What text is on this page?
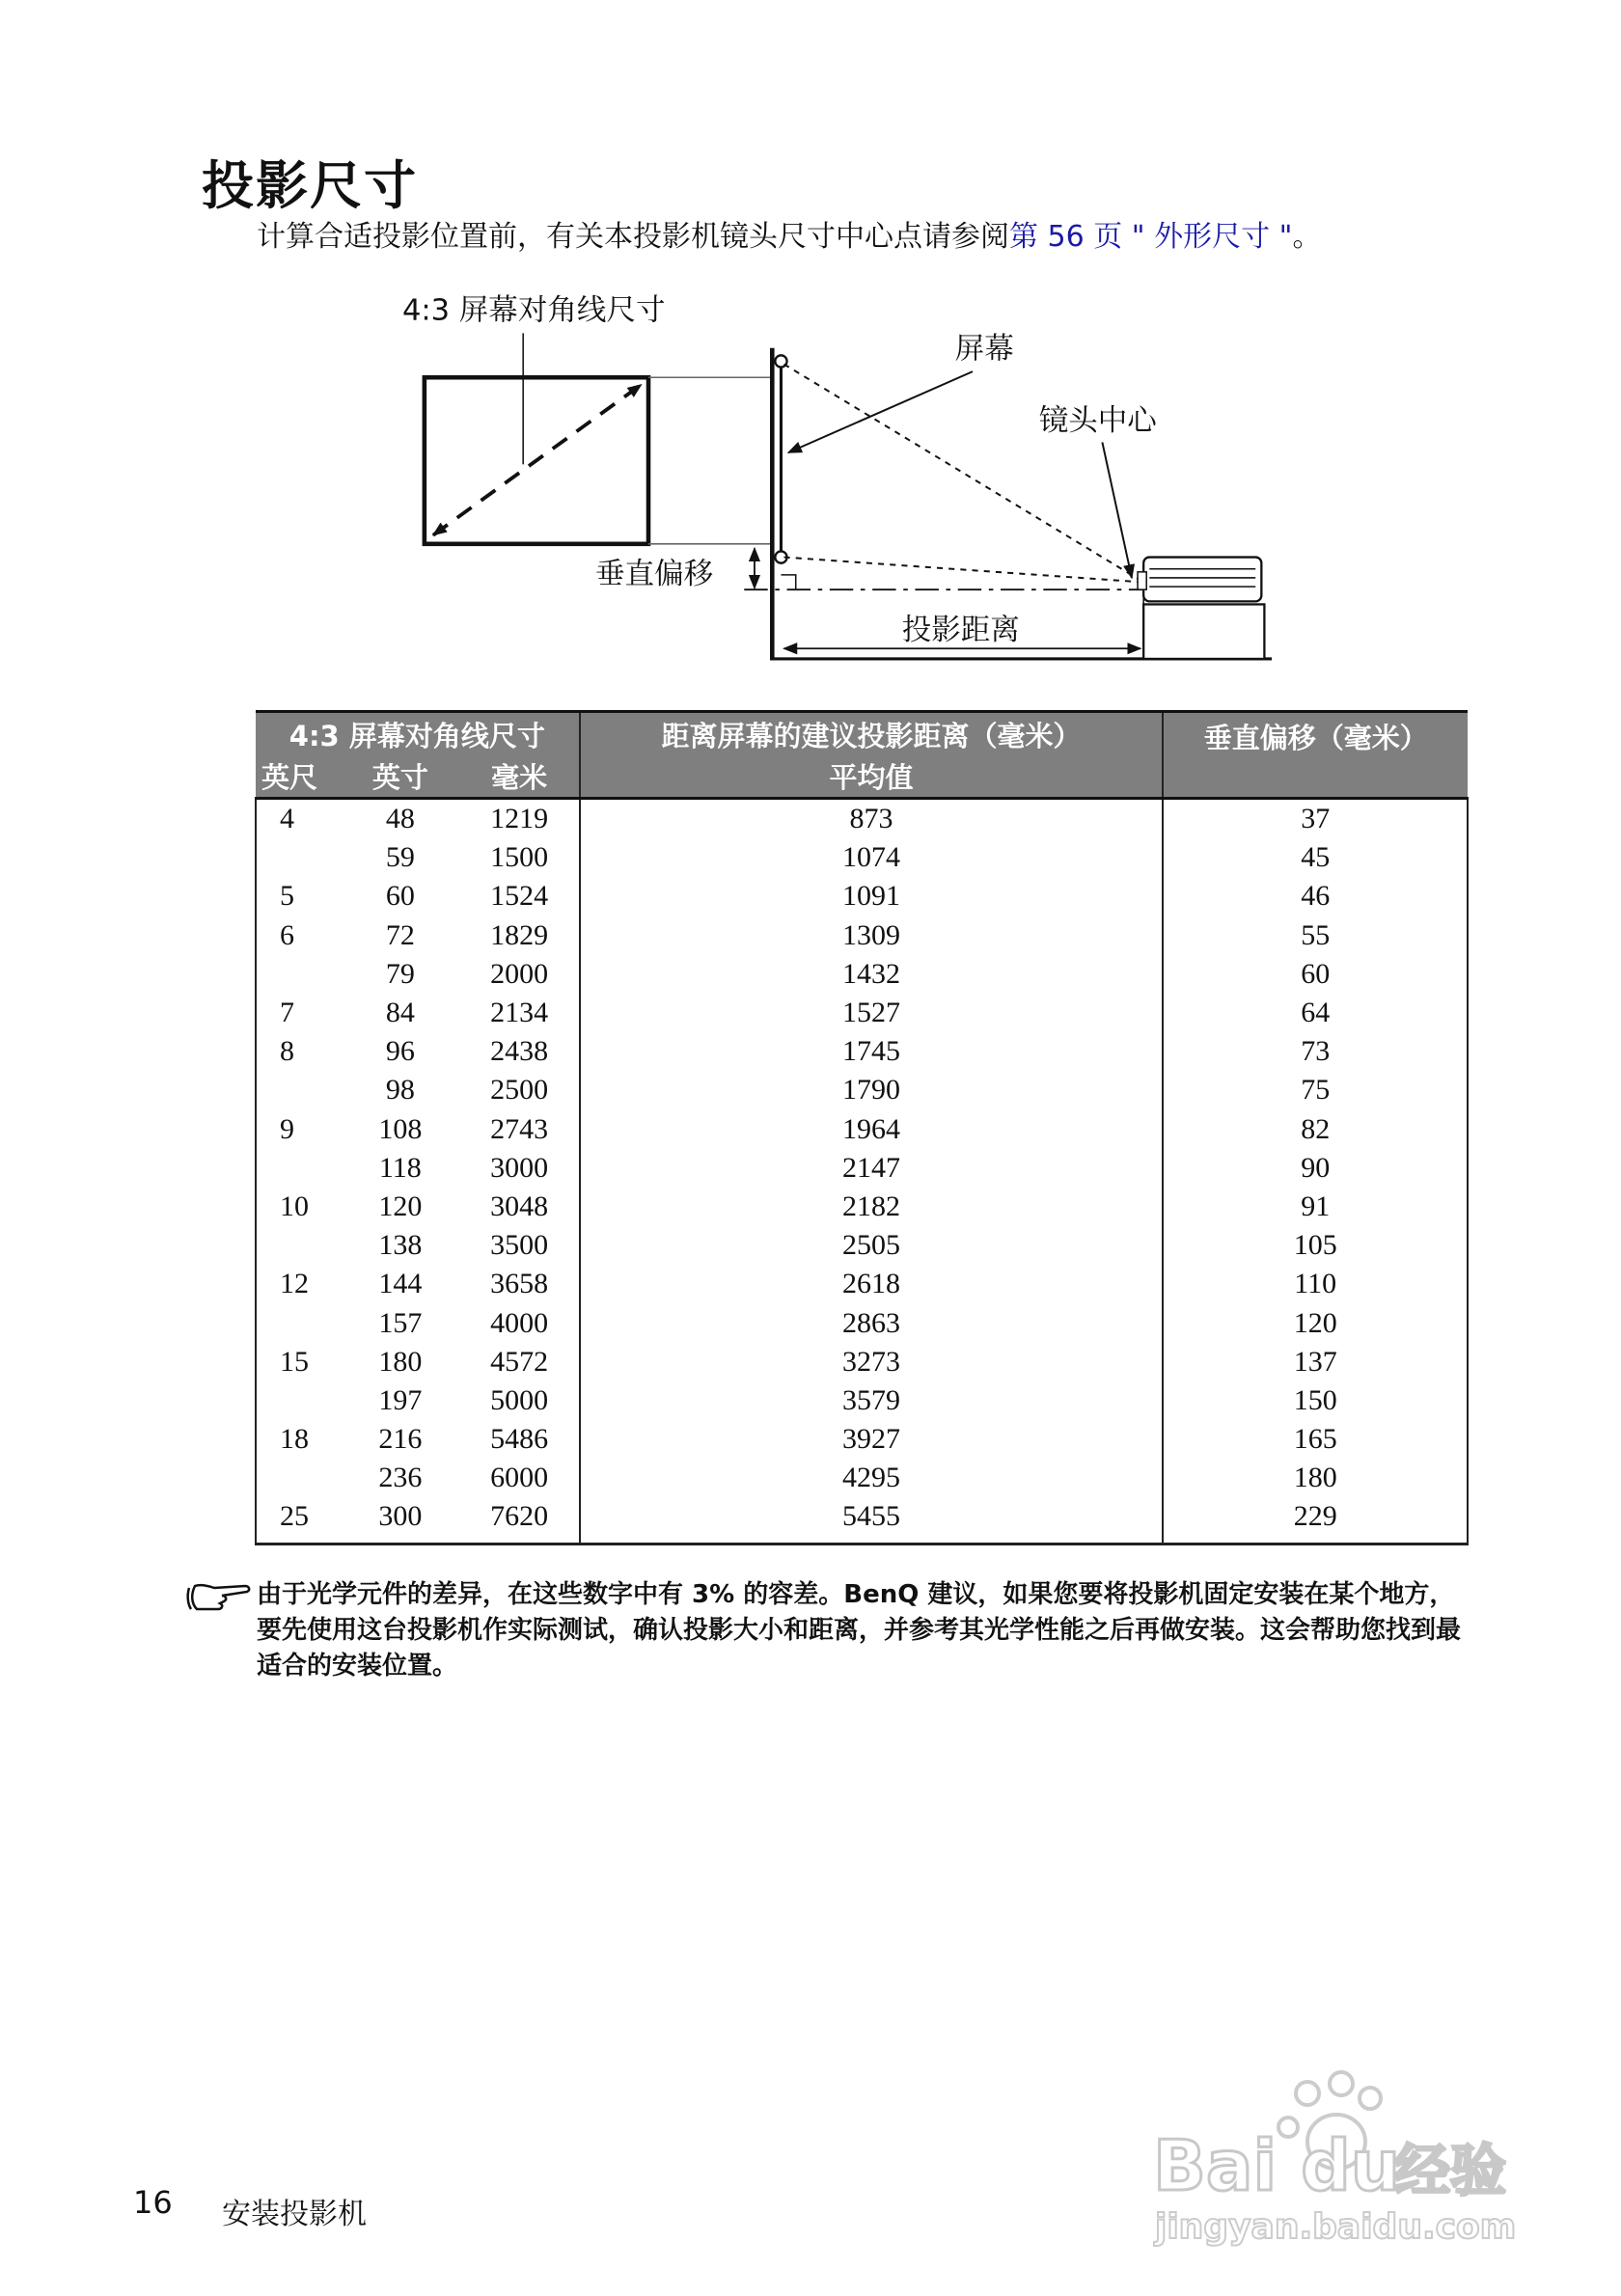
投影尺寸
计算合适投影位置前，有关本投影机镜头尺寸中心点请参阅第 56 页 " 外形尺寸 "。
4:3 屏幕对角线尺寸
垂直偏移
屏幕
镜头中心
投影距离
4:3 屏幕对角线尺寸			距离屏幕的建议投影距离（毫米）	垂直偏移（毫米）
英尺	英寸	毫米	平均值	
4	48	1219	873	37
	59	1500	1074	45
5	60	1524	1091	46
6	72	1829	1309	55
	79	2000	1432	60
7	84	2134	1527	64
8	96	2438	1745	73
	98	2500	1790	75
9	108	2743	1964	82
	118	3000	2147	90
10	120	3048	2182	91
	138	3500	2505	105
12	144	3658	2618	110
	157	4000	2863	120
15	180	4572	3273	137
	197	5000	3579	150
18	216	5486	3927	165
	236	6000	4295	180
25	300	7620	5455	229
由于光学元件的差异，在这些数字中有 3% 的容差。BenQ 建议，如果您要将投影机固定安装在某个地方，要先使用这台投影机作实际测试，确认投影大小和距离，并参考其光学性能之后再做安装。这会帮助您找到最适合的安装位置。
16 安装投影机
Bai du
经验
jingyan.baidu.com
